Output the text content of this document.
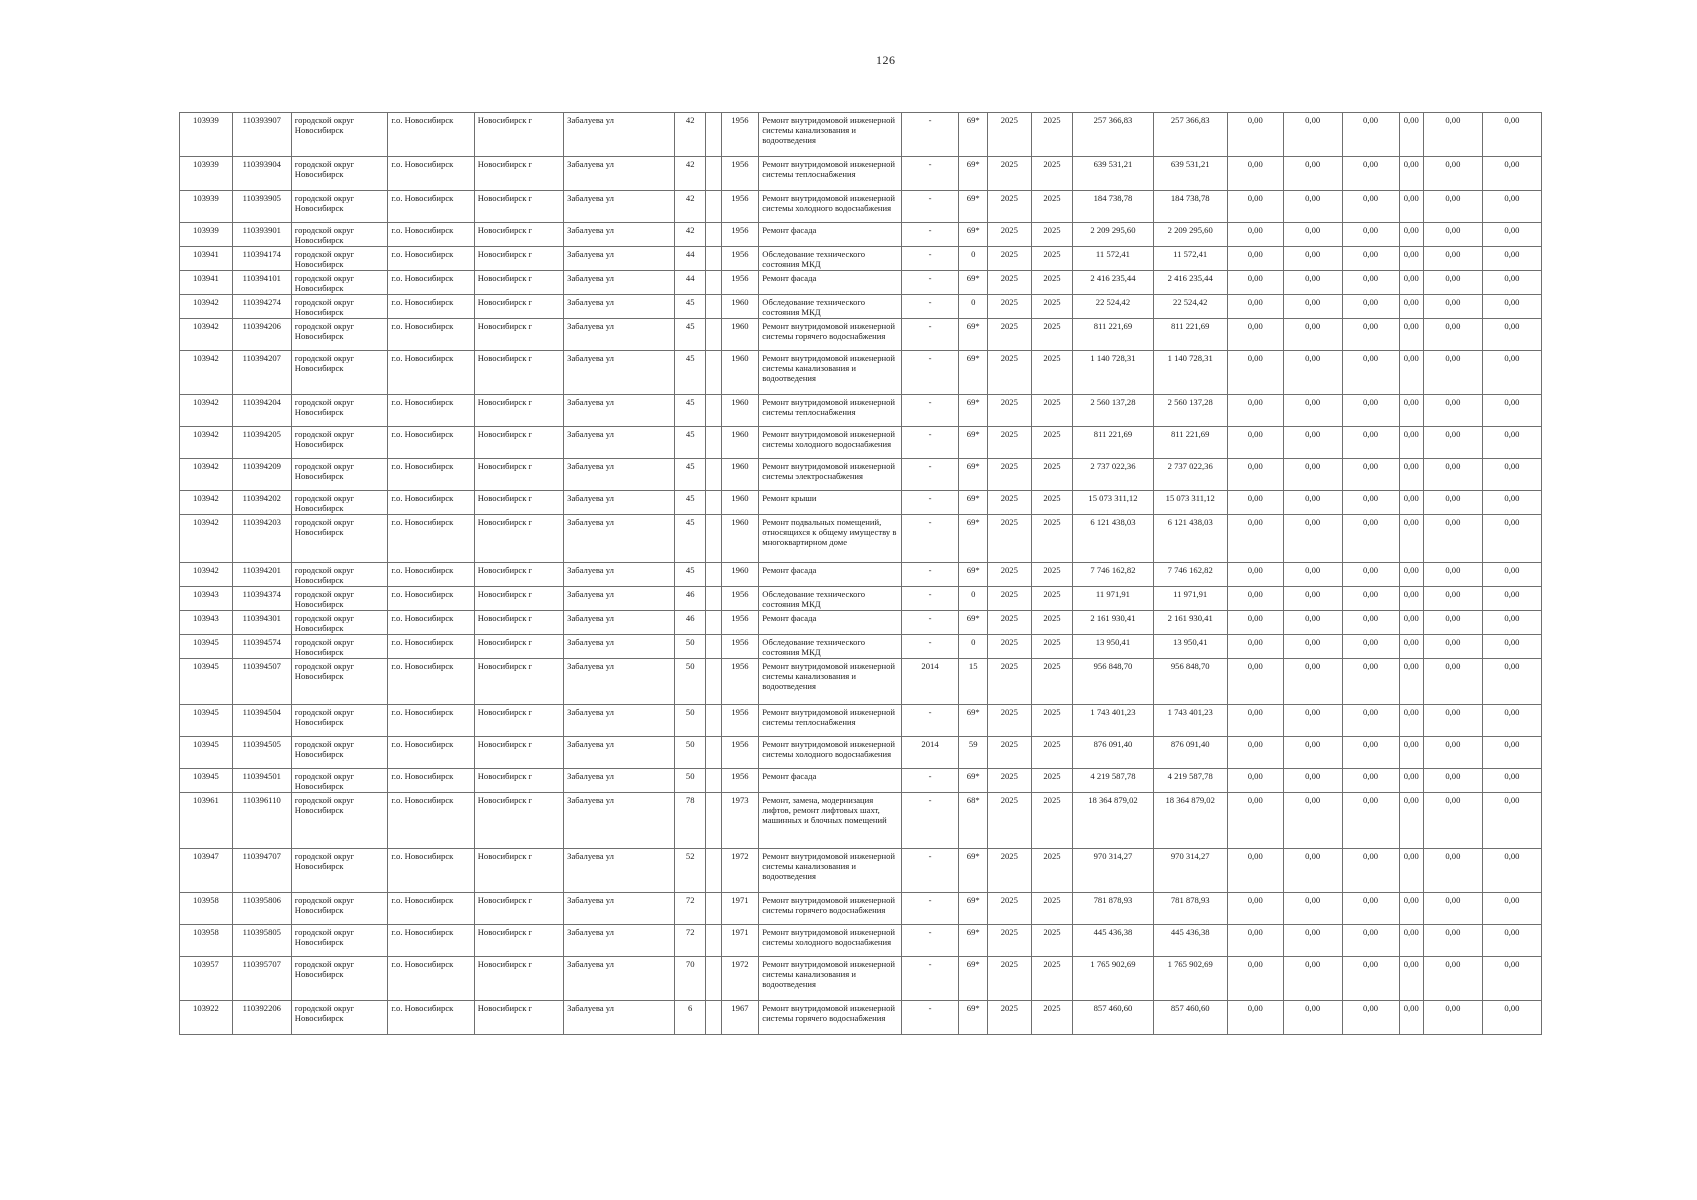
126
103939	110393907	городской округ Новосибирск	г.о. Новосибирск	Новосибирск г	Забалуева ул	42		1956	Ремонт внутридомовой инженерной системы канализования и водоотведения	-	69*	2025	2025	257 366,83	257 366,83	0,00	0,00	0,00	0,00	0,00	0,00
103939	110393904	городской округ Новосибирск	г.о. Новосибирск	Новосибирск г	Забалуева ул	42		1956	Ремонт внутридомовой инженерной системы теплоснабжения	-	69*	2025	2025	639 531,21	639 531,21	0,00	0,00	0,00	0,00	0,00	0,00
103939	110393905	городской округ Новосибирск	г.о. Новосибирск	Новосибирск г	Забалуева ул	42		1956	Ремонт внутридомовой инженерной системы холодного водоснабжения	-	69*	2025	2025	184 738,78	184 738,78	0,00	0,00	0,00	0,00	0,00	0,00
103939	110393901	городской округ Новосибирск	г.о. Новосибирск	Новосибирск г	Забалуева ул	42		1956	Ремонт фасада	-	69*	2025	2025	2 209 295,60	2 209 295,60	0,00	0,00	0,00	0,00	0,00	0,00
103941	110394174	городской округ Новосибирск	г.о. Новосибирск	Новосибирск г	Забалуева ул	44		1956	Обследование технического состояния МКД	-	0	2025	2025	11 572,41	11 572,41	0,00	0,00	0,00	0,00	0,00	0,00
103941	110394101	городской округ Новосибирск	г.о. Новосибирск	Новосибирск г	Забалуева ул	44		1956	Ремонт фасада	-	69*	2025	2025	2 416 235,44	2 416 235,44	0,00	0,00	0,00	0,00	0,00	0,00
103942	110394274	городской округ Новосибирск	г.о. Новосибирск	Новосибирск г	Забалуева ул	45		1960	Обследование технического состояния МКД	-	0	2025	2025	22 524,42	22 524,42	0,00	0,00	0,00	0,00	0,00	0,00
103942	110394206	городской округ Новосибирск	г.о. Новосибирск	Новосибирск г	Забалуева ул	45		1960	Ремонт внутридомовой инженерной системы горячего водоснабжения	-	69*	2025	2025	811 221,69	811 221,69	0,00	0,00	0,00	0,00	0,00	0,00
103942	110394207	городской округ Новосибирск	г.о. Новосибирск	Новосибирск г	Забалуева ул	45		1960	Ремонт внутридомовой инженерной системы канализования и водоотведения	-	69*	2025	2025	1 140 728,31	1 140 728,31	0,00	0,00	0,00	0,00	0,00	0,00
103942	110394204	городской округ Новосибирск	г.о. Новосибирск	Новосибирск г	Забалуева ул	45		1960	Ремонт внутридомовой инженерной системы теплоснабжения	-	69*	2025	2025	2 560 137,28	2 560 137,28	0,00	0,00	0,00	0,00	0,00	0,00
103942	110394205	городской округ Новосибирск	г.о. Новосибирск	Новосибирск г	Забалуева ул	45		1960	Ремонт внутридомовой инженерной системы холодного водоснабжения	-	69*	2025	2025	811 221,69	811 221,69	0,00	0,00	0,00	0,00	0,00	0,00
103942	110394209	городской округ Новосибирск	г.о. Новосибирск	Новосибирск г	Забалуева ул	45		1960	Ремонт внутридомовой инженерной системы электроснабжения	-	69*	2025	2025	2 737 022,36	2 737 022,36	0,00	0,00	0,00	0,00	0,00	0,00
103942	110394202	городской округ Новосибирск	г.о. Новосибирск	Новосибирск г	Забалуева ул	45		1960	Ремонт крыши	-	69*	2025	2025	15 073 311,12	15 073 311,12	0,00	0,00	0,00	0,00	0,00	0,00
103942	110394203	городской округ Новосибирск	г.о. Новосибирск	Новосибирск г	Забалуева ул	45		1960	Ремонт подвальных помещений, относящихся к общему имуществу в многоквартирном доме	-	69*	2025	2025	6 121 438,03	6 121 438,03	0,00	0,00	0,00	0,00	0,00	0,00
103942	110394201	городской округ Новосибирск	г.о. Новосибирск	Новосибирск г	Забалуева ул	45		1960	Ремонт фасада	-	69*	2025	2025	7 746 162,82	7 746 162,82	0,00	0,00	0,00	0,00	0,00	0,00
103943	110394374	городской округ Новосибирск	г.о. Новосибирск	Новосибирск г	Забалуева ул	46		1956	Обследование технического состояния МКД	-	0	2025	2025	11 971,91	11 971,91	0,00	0,00	0,00	0,00	0,00	0,00
103943	110394301	городской округ Новосибирск	г.о. Новосибирск	Новосибирск г	Забалуева ул	46		1956	Ремонт фасада	-	69*	2025	2025	2 161 930,41	2 161 930,41	0,00	0,00	0,00	0,00	0,00	0,00
103945	110394574	городской округ Новосибирск	г.о. Новосибирск	Новосибирск г	Забалуева ул	50		1956	Обследование технического состояния МКД	-	0	2025	2025	13 950,41	13 950,41	0,00	0,00	0,00	0,00	0,00	0,00
103945	110394507	городской округ Новосибирск	г.о. Новосибирск	Новосибирск г	Забалуева ул	50		1956	Ремонт внутридомовой инженерной системы канализования и водоотведения	2014	15	2025	2025	956 848,70	956 848,70	0,00	0,00	0,00	0,00	0,00	0,00
103945	110394504	городской округ Новосибирск	г.о. Новосибирск	Новосибирск г	Забалуева ул	50		1956	Ремонт внутридомовой инженерной системы теплоснабжения	-	69*	2025	2025	1 743 401,23	1 743 401,23	0,00	0,00	0,00	0,00	0,00	0,00
103945	110394505	городской округ Новосибирск	г.о. Новосибирск	Новосибирск г	Забалуева ул	50		1956	Ремонт внутридомовой инженерной системы холодного водоснабжения	2014	59	2025	2025	876 091,40	876 091,40	0,00	0,00	0,00	0,00	0,00	0,00
103945	110394501	городской округ Новосибирск	г.о. Новосибирск	Новосибирск г	Забалуева ул	50		1956	Ремонт фасада	-	69*	2025	2025	4 219 587,78	4 219 587,78	0,00	0,00	0,00	0,00	0,00	0,00
103961	110396110	городской округ Новосибирск	г.о. Новосибирск	Новосибирск г	Забалуева ул	78		1973	Ремонт, замена, модернизация лифтов, ремонт лифтовых шахт, машинных и блочных помещений	-	68*	2025	2025	18 364 879,02	18 364 879,02	0,00	0,00	0,00	0,00	0,00	0,00
103947	110394707	городской округ Новосибирск	г.о. Новосибирск	Новосибирск г	Забалуева ул	52		1972	Ремонт внутридомовой инженерной системы канализования и водоотведения	-	69*	2025	2025	970 314,27	970 314,27	0,00	0,00	0,00	0,00	0,00	0,00
103958	110395806	городской округ Новосибирск	г.о. Новосибирск	Новосибирск г	Забалуева ул	72		1971	Ремонт внутридомовой инженерной системы горячего водоснабжения	-	69*	2025	2025	781 878,93	781 878,93	0,00	0,00	0,00	0,00	0,00	0,00
103958	110395805	городской округ Новосибирск	г.о. Новосибирск	Новосибирск г	Забалуева ул	72		1971	Ремонт внутридомовой инженерной системы холодного водоснабжения	-	69*	2025	2025	445 436,38	445 436,38	0,00	0,00	0,00	0,00	0,00	0,00
103957	110395707	городской округ Новосибирск	г.о. Новосибирск	Новосибирск г	Забалуева ул	70		1972	Ремонт внутридомовой инженерной системы канализования и водоотведения	-	69*	2025	2025	1 765 902,69	1 765 902,69	0,00	0,00	0,00	0,00	0,00	0,00
103922	110392206	городской округ Новосибирск	г.о. Новосибирск	Новосибирск г	Забалуева ул	6		1967	Ремонт внутридомовой инженерной системы горячего водоснабжения	-	69*	2025	2025	857 460,60	857 460,60	0,00	0,00	0,00	0,00	0,00	0,00
